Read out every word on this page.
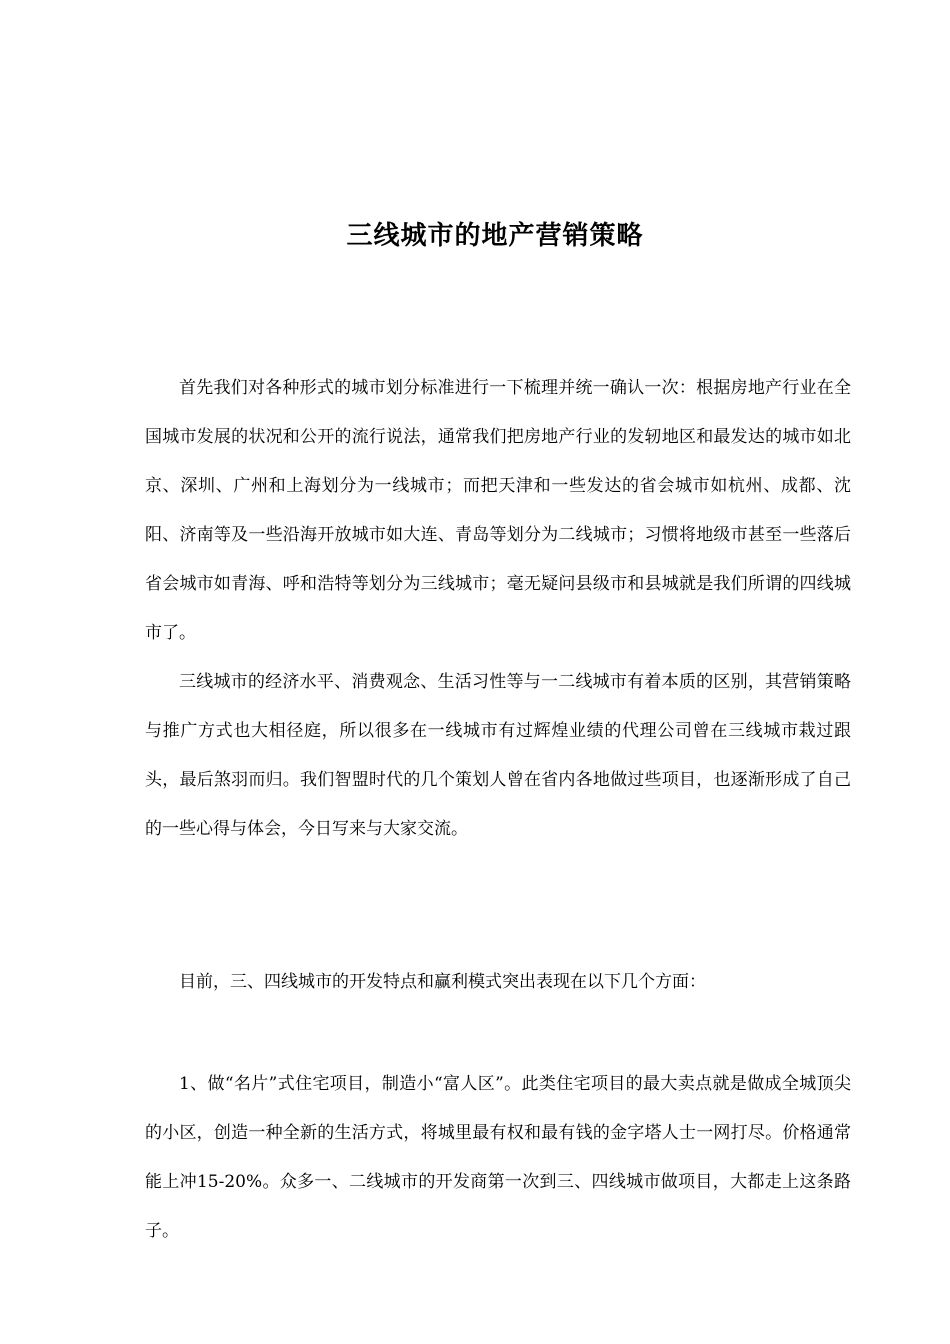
三线城市的地产营销策略

首先我们对各种形式的城市划分标准进行一下梳理并统一确认一次：根据房地产行业在全国城市发展的状况和公开的流行说法，通常我们把房地产行业的发轫地区和最发达的城市如北京、深圳、广州和上海划分为一线城市；而把天津和一些发达的省会城市如杭州、成都、沈阳、济南等及一些沿海开放城市如大连、青岛等划分为二线城市；习惯将地级市甚至一些落后省会城市如青海、呼和浩特等划分为三线城市；毫无疑问县级市和县城就是我们所谓的四线城市了。

三线城市的经济水平、消费观念、生活习性等与一二线城市有着本质的区别，其营销策略与推广方式也大相径庭，所以很多在一线城市有过辉煌业绩的代理公司曾在三线城市栽过跟头，最后煞羽而归。我们智盟时代的几个策划人曾在省内各地做过些项目，也逐渐形成了自己的一些心得与体会，今日写来与大家交流。

目前，三、四线城市的开发特点和赢利模式突出表现在以下几个方面：

1、做“名片”式住宅项目，制造小“富人区”。此类住宅项目的最大卖点就是做成全城顶尖的小区，创造一种全新的生活方式，将城里最有权和最有钱的金字塔人士一网打尽。价格通常能上冲15-20%。众多一、二线城市的开发商第一次到三、四线城市做项目，大都走上这条路子。
